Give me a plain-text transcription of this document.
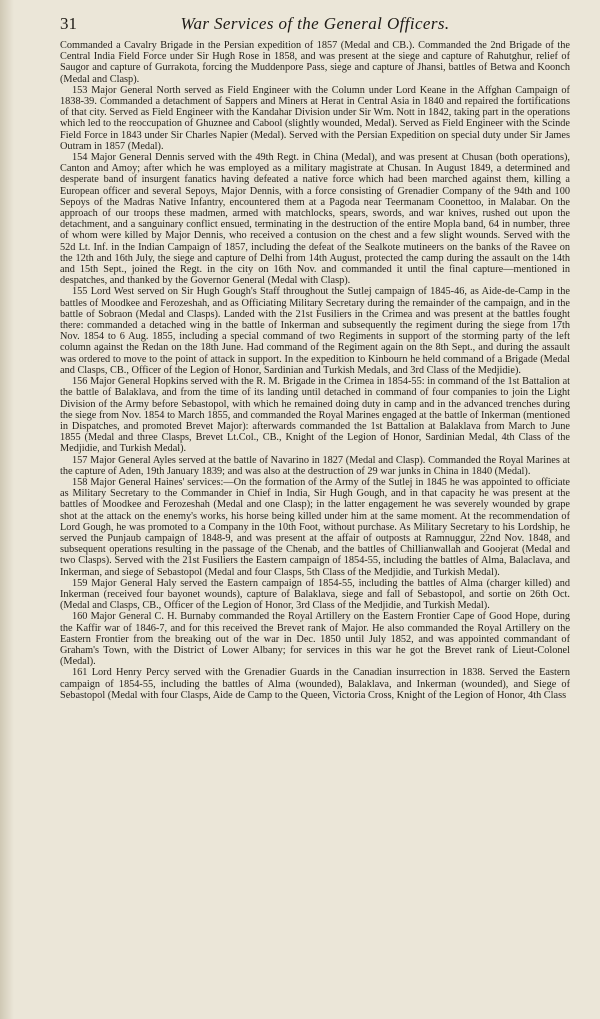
31	War Services of the General Officers.

Commanded a Cavalry Brigade in the Persian expedition of 1857 (Medal and CB.). Commanded the 2nd Brigade of the Central India Field Force under Sir Hugh Rose in 1858, and was present at the siege and capture of Rahutghur, relief of Saugor and capture of Gurrakota, forcing the Muddenpore Pass, siege and capture of Jhansi, battles of Betwa and Koonch (Medal and Clasp).

153 Major General North served as Field Engineer with the Column under Lord Keane in the Affghan Campaign of 1838-39. Commanded a detachment of Sappers and Miners at Herat in Central Asia in 1840 and repaired the fortifications of that city. Served as Field Engineer with the Kandahar Division under Sir Wm. Nott in 1842, taking part in the operations which led to the reoccupation of Ghuznee and Cabool (slightly wounded, Medal). Served as Field Engineer with the Scinde Field Force in 1843 under Sir Charles Napier (Medal). Served with the Persian Expedition on special duty under Sir James Outram in 1857 (Medal).

154 Major General Dennis served with the 49th Regt. in China (Medal), and was present at Chusan (both operations), Canton and Amoy; after which he was employed as a military magistrate at Chusan. In August 1849, a determined and desperate band of insurgent fanatics having defeated a native force which had been marched against them, killing a European officer and several Sepoys, Major Dennis, with a force consisting of Grenadier Company of the 94th and 100 Sepoys of the Madras Native Infantry, encountered them at a Pagoda near Teermanam Coonettoo, in Malabar. On the approach of our troops these madmen, armed with matchlocks, spears, swords, and war knives, rushed out upon the detachment, and a sanguinary conflict ensued, terminating in the destruction of the entire Mopla band, 64 in number, three of whom were killed by Major Dennis, who received a contusion on the chest and a few slight wounds. Served with the 52d Lt. Inf. in the Indian Campaign of 1857, including the defeat of the Sealkote mutineers on the banks of the Ravee on the 12th and 16th July, the siege and capture of Delhi from 14th August, protected the camp during the assault on the 14th and 15th Sept., joined the Regt. in the city on 16th Nov. and commanded it until the final capture—mentioned in despatches, and thanked by the Governor General (Medal with Clasp).

155 Lord West served on Sir Hugh Gough's Staff throughout the Sutlej campaign of 1845-46, as Aide-de-Camp in the battles of Moodkee and Ferozeshah, and as Officiating Military Secretary during the remainder of the campaign, and in the battle of Sobraon (Medal and Clasps). Landed with the 21st Fusiliers in the Crimea and was present at the battles fought there: commanded a detached wing in the battle of Inkerman and subsequently the regiment during the siege from 17th Nov. 1854 to 6 Aug. 1855, including a special command of two Regiments in support of the storming party of the left column against the Redan on the 18th June. Had command of the Regiment again on the 8th Sept., and during the assault was ordered to move to the point of attack in support. In the expedition to Kinbourn he held command of a Brigade (Medal and Clasps, CB., Officer of the Legion of Honor, Sardinian and Turkish Medals, and 3rd Class of the Medjidie).

156 Major General Hopkins served with the R. M. Brigade in the Crimea in 1854-55: in command of the 1st Battalion at the battle of Balaklava, and from the time of its landing until detached in command of four companies to join the Light Division of the Army before Sebastopol, with which he remained doing duty in camp and in the advanced trenches during the siege from Nov. 1854 to March 1855, and commanded the Royal Marines engaged at the battle of Inkerman (mentioned in Dispatches, and promoted Brevet Major): afterwards commanded the 1st Battalion at Balaklava from March to June 1855 (Medal and three Clasps, Brevet Lt.Col., CB., Knight of the Legion of Honor, Sardinian Medal, 4th Class of the Medjidie, and Turkish Medal).

157 Major General Ayles served at the battle of Navarino in 1827 (Medal and Clasp). Commanded the Royal Marines at the capture of Aden, 19th January 1839; and was also at the destruction of 29 war junks in China in 1840 (Medal).

158 Major General Haines' services:—On the formation of the Army of the Sutlej in 1845 he was appointed to officiate as Military Secretary to the Commander in Chief in India, Sir Hugh Gough, and in that capacity he was present at the battles of Moodkee and Ferozeshah (Medal and one Clasp); in the latter engagement he was severely wounded by grape shot at the attack on the enemy's works, his horse being killed under him at the same moment. At the recommendation of Lord Gough, he was promoted to a Company in the 10th Foot, without purchase. As Military Secretary to his Lordship, he served the Punjaub campaign of 1848-9, and was present at the affair of outposts at Ramnuggur, 22nd Nov. 1848, and subsequent operations resulting in the passage of the Chenab, and the battles of Chillianwallah and Goojerat (Medal and two Clasps). Served with the 21st Fusiliers the Eastern campaign of 1854-55, including the battles of Alma, Balaclava, and Inkerman, and siege of Sebastopol (Medal and four Clasps, 5th Class of the Medjidie, and Turkish Medal).

159 Major General Haly served the Eastern campaign of 1854-55, including the battles of Alma (charger killed) and Inkerman (received four bayonet wounds), capture of Balaklava, siege and fall of Sebastopol, and sortie on 26th Oct. (Medal and Clasps, CB., Officer of the Legion of Honor, 3rd Class of the Medjidie, and Turkish Medal).

160 Major General C. H. Burnaby commanded the Royal Artillery on the Eastern Frontier Cape of Good Hope, during the Kaffir war of 1846-7, and for this received the Brevet rank of Major. He also commanded the Royal Artillery on the Eastern Frontier from the breaking out of the war in Dec. 1850 until July 1852, and was appointed commandant of Graham's Town, with the District of Lower Albany; for services in this war he got the Brevet rank of Lieut-Colonel (Medal).

161 Lord Henry Percy served with the Grenadier Guards in the Canadian insurrection in 1838. Served the Eastern campaign of 1854-55, including the battles of Alma (wounded), Balaklava, and Inkerman (wounded), and Siege of Sebastopol (Medal with four Clasps, Aide de Camp to the Queen, Victoria Cross, Knight of the Legion of Honor, 4th Class
